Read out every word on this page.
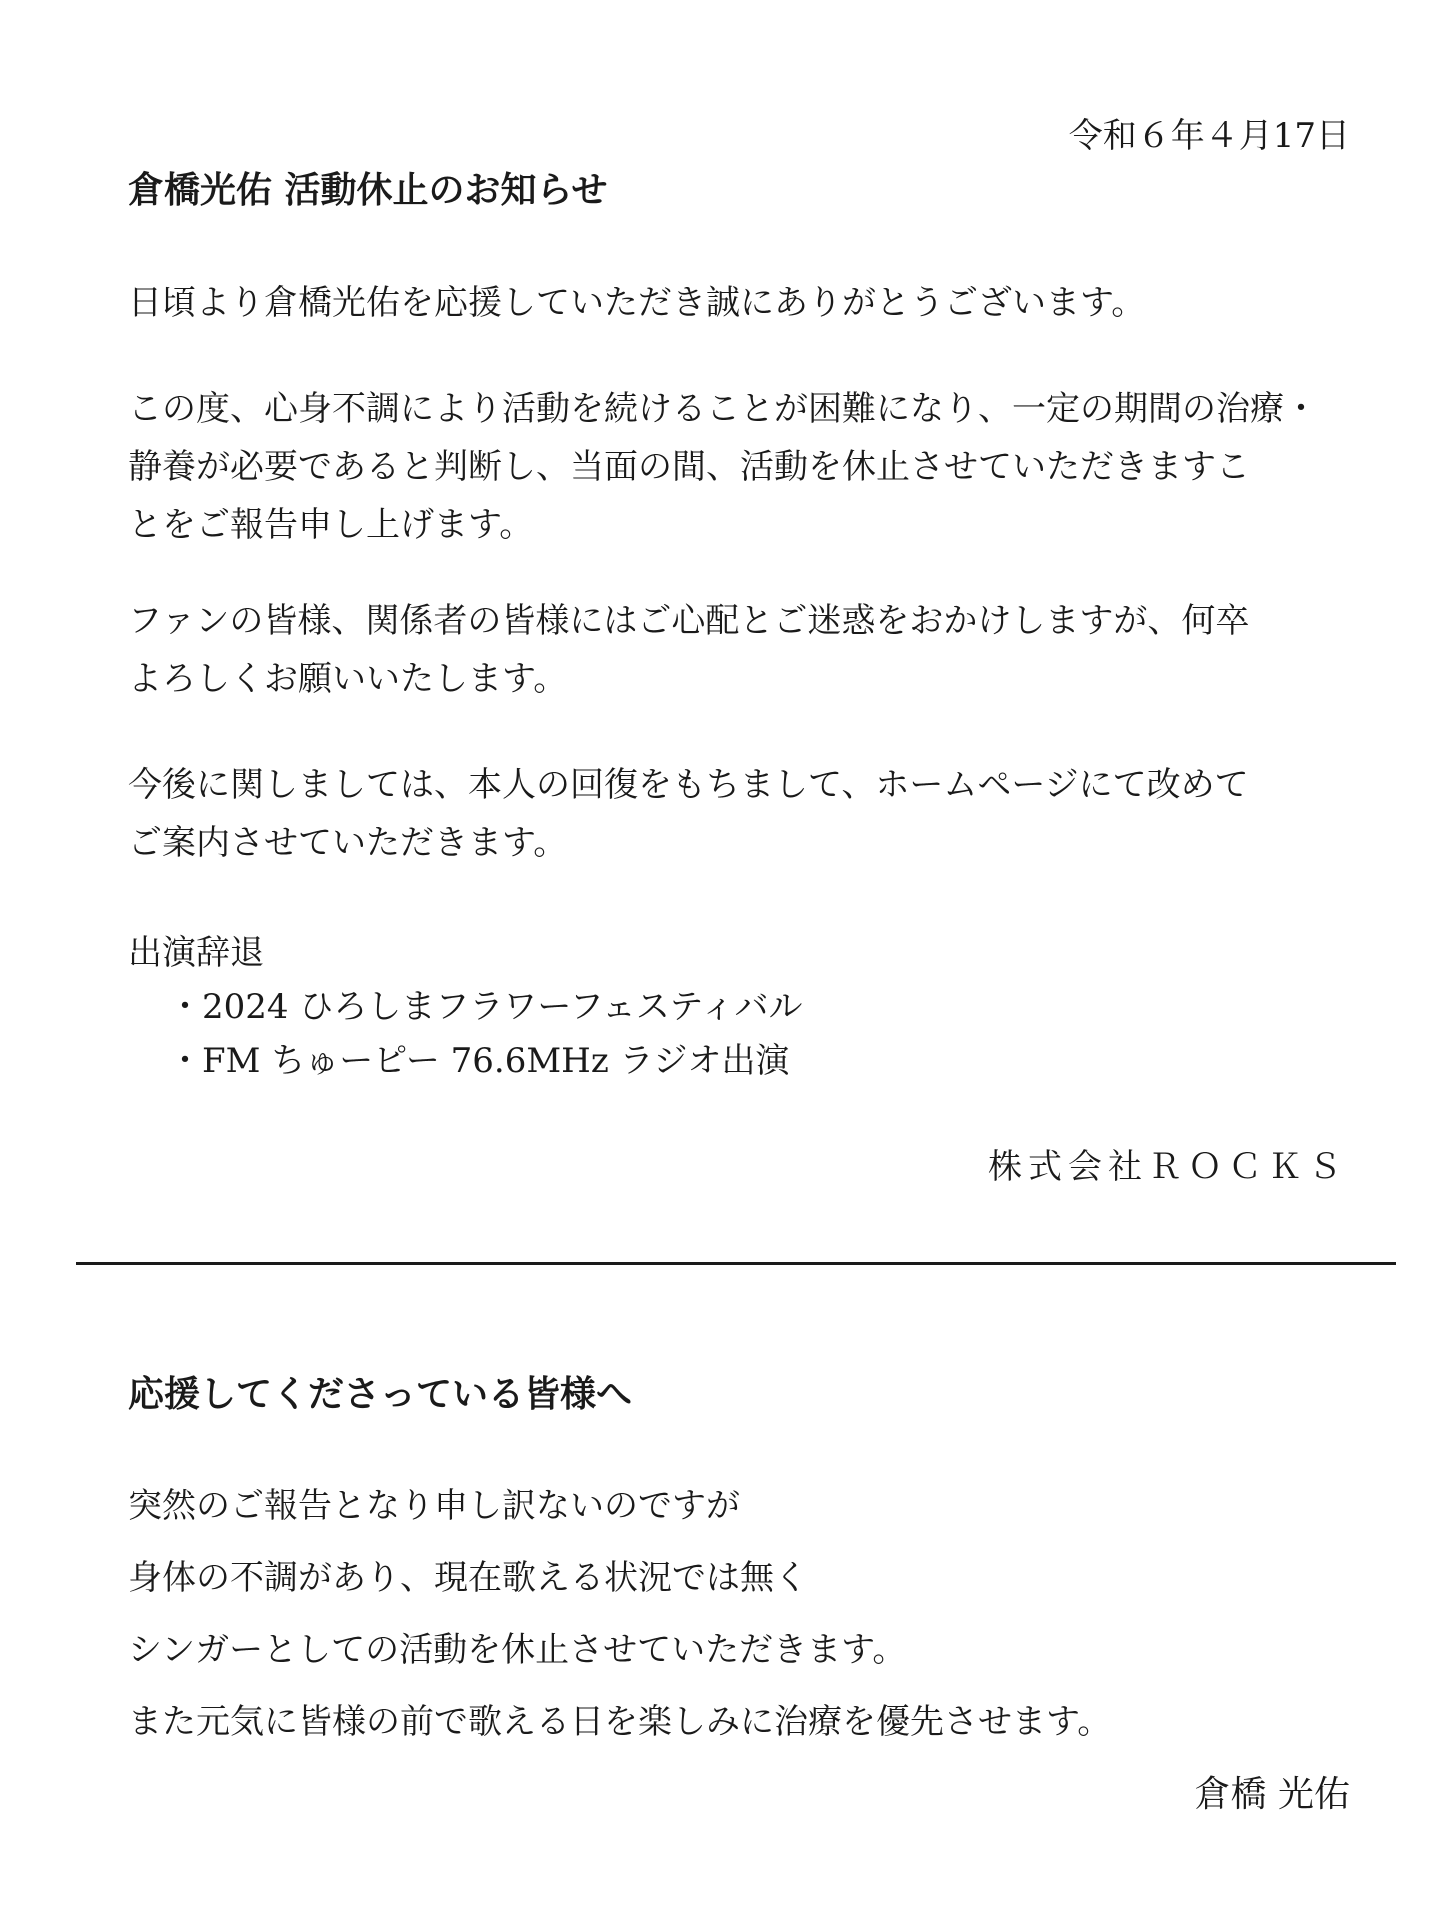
令和６年４月17日
倉橋光佑 活動休止のお知らせ
日頃より倉橋光佑を応援していただき誠にありがとうございます。
この度、心身不調により活動を続けることが困難になり、一定の期間の治療・
静養が必要であると判断し、当面の間、活動を休止させていただきますこ
とをご報告申し上げます。
ファンの皆様、関係者の皆様にはご心配とご迷惑をおかけしますが、何卒
よろしくお願いいたします。
今後に関しましては、本人の回復をもちまして、ホームページにて改めて
ご案内させていただきます。
出演辞退
・2024 ひろしまフラワーフェスティバル
・FM ちゅーピー 76.6MHz ラジオ出演
株式会社ＲＯＣＫＳ
応援してくださっている皆様へ
突然のご報告となり申し訳ないのですが
身体の不調があり、現在歌える状況では無く
シンガーとしての活動を休止させていただきます。
また元気に皆様の前で歌える日を楽しみに治療を優先させます。
倉橋 光佑
